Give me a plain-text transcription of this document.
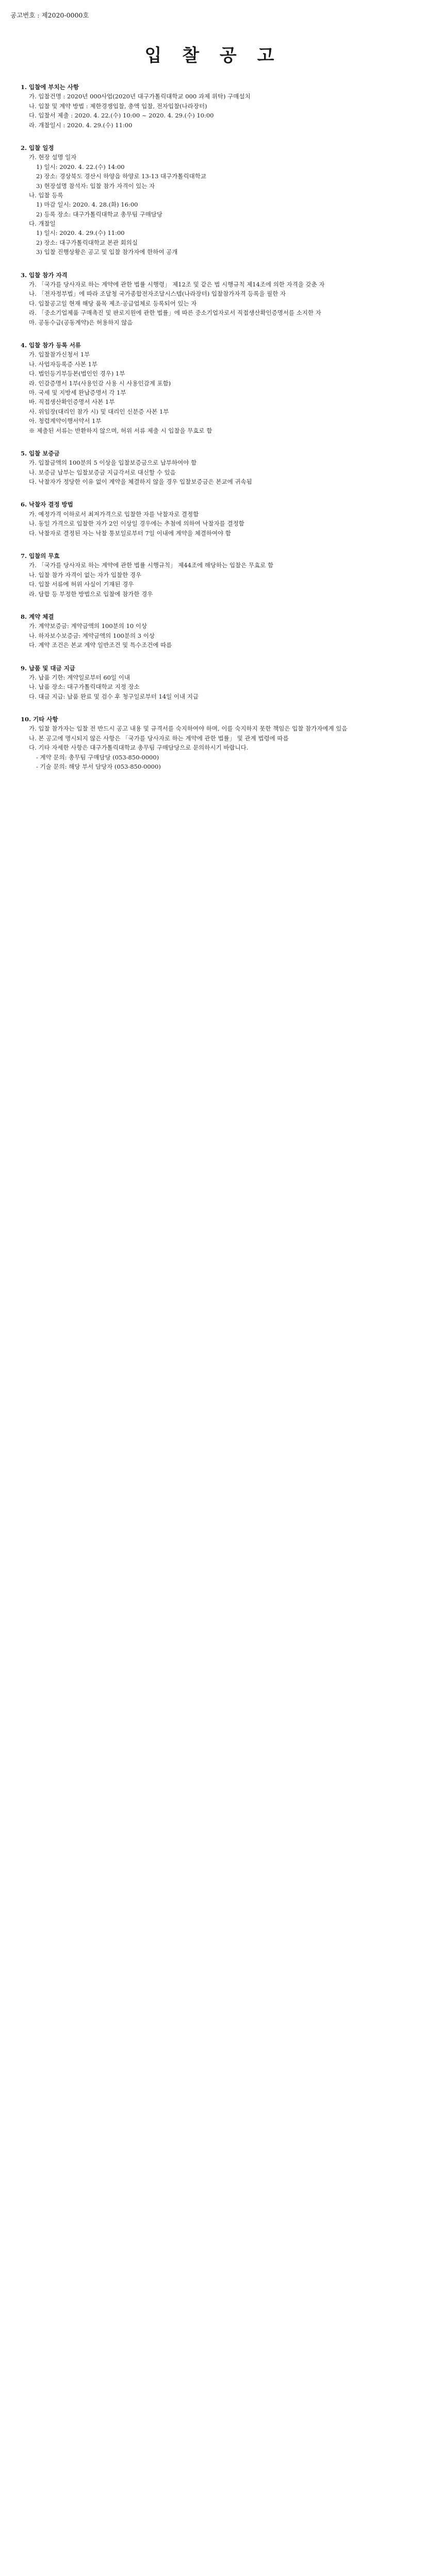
공고번호 : 제2020-0000호
입 찰 공 고
1. 입찰에 부치는 사항
가. 입찰건명 : 2020년 000사업(2020년 대구가톨릭대학교 000 과제 위탁) 구매설치
나. 입찰 및 계약 방법 : 제한경쟁입찰, 총액 입찰, 전자입찰(나라장터)
다. 입찰서 제출 : 2020. 4. 22.(수) 10:00 ~ 2020. 4. 29.(수) 10:00
라. 개찰일시 : 2020. 4. 29.(수) 11:00
2. 입찰 일정
가. 현장 설명 일자
1) 일시: 2020. 4. 22.(수) 14:00
2) 장소: 경상북도 경산시 하양읍 하양로 13-13 대구가톨릭대학교
3) 현장설명 참석자: 입찰 참가 자격이 있는 자
나. 입찰 등록
1) 마감 일시: 2020. 4. 28.(화) 16:00
2) 등록 장소: 대구가톨릭대학교 총무팀 구매담당
다. 개찰일
1) 일시: 2020. 4. 29.(수) 11:00
2) 장소: 대구가톨릭대학교 본관 회의실
3) 입찰 진행상황은 공고 및 입찰 참가자에 한하여 공개
3. 입찰 참가 자격
가. 「국가를 당사자로 하는 계약에 관한 법률 시행령」 제12조 및 같은 법 시행규칙 제14조에 의한 자격을 갖춘 자
나. 「전자정부법」에 따라 조달청 국가종합전자조달시스템(나라장터) 입찰참가자격 등록을 필한 자
다. 입찰공고일 현재 해당 품목 제조·공급업체로 등록되어 있는 자
라. 「중소기업제품 구매촉진 및 판로지원에 관한 법률」에 따른 중소기업자로서 직접생산확인증명서를 소지한 자
마. 공동수급(공동계약)은 허용하지 않음
4. 입찰 참가 등록 서류
가. 입찰참가신청서 1부
나. 사업자등록증 사본 1부
다. 법인등기부등본(법인인 경우) 1부
라. 인감증명서 1부(사용인감 사용 시 사용인감계 포함)
마. 국세 및 지방세 완납증명서 각 1부
바. 직접생산확인증명서 사본 1부
사. 위임장(대리인 참가 시) 및 대리인 신분증 사본 1부
아. 청렴계약이행서약서 1부
※ 제출된 서류는 반환하지 않으며, 허위 서류 제출 시 입찰을 무효로 함
5. 입찰 보증금
가. 입찰금액의 100분의 5 이상을 입찰보증금으로 납부하여야 함
나. 보증금 납부는 입찰보증금 지급각서로 대신할 수 있음
다. 낙찰자가 정당한 이유 없이 계약을 체결하지 않을 경우 입찰보증금은 본교에 귀속됨
6. 낙찰자 결정 방법
가. 예정가격 이하로서 최저가격으로 입찰한 자를 낙찰자로 결정함
나. 동일 가격으로 입찰한 자가 2인 이상일 경우에는 추첨에 의하여 낙찰자를 결정함
다. 낙찰자로 결정된 자는 낙찰 통보일로부터 7일 이내에 계약을 체결하여야 함
7. 입찰의 무효
가. 「국가를 당사자로 하는 계약에 관한 법률 시행규칙」 제44조에 해당하는 입찰은 무효로 함
나. 입찰 참가 자격이 없는 자가 입찰한 경우
다. 입찰 서류에 허위 사실이 기재된 경우
라. 담합 등 부정한 방법으로 입찰에 참가한 경우
8. 계약 체결
가. 계약보증금: 계약금액의 100분의 10 이상
나. 하자보수보증금: 계약금액의 100분의 3 이상
다. 계약 조건은 본교 계약 일반조건 및 특수조건에 따름
9. 납품 및 대금 지급
가. 납품 기한: 계약일로부터 60일 이내
나. 납품 장소: 대구가톨릭대학교 지정 장소
다. 대금 지급: 납품 완료 및 검수 후 청구일로부터 14일 이내 지급
10. 기타 사항
가. 입찰 참가자는 입찰 전 반드시 공고 내용 및 규격서를 숙지하여야 하며, 이를 숙지하지 못한 책임은 입찰 참가자에게 있음
나. 본 공고에 명시되지 않은 사항은 「국가를 당사자로 하는 계약에 관한 법률」 및 관계 법령에 따름
다. 기타 자세한 사항은 대구가톨릭대학교 총무팀 구매담당으로 문의하시기 바랍니다.
- 계약 문의: 총무팀 구매담당 (053-850-0000)
- 기술 문의: 해당 부서 담당자 (053-850-0000)
